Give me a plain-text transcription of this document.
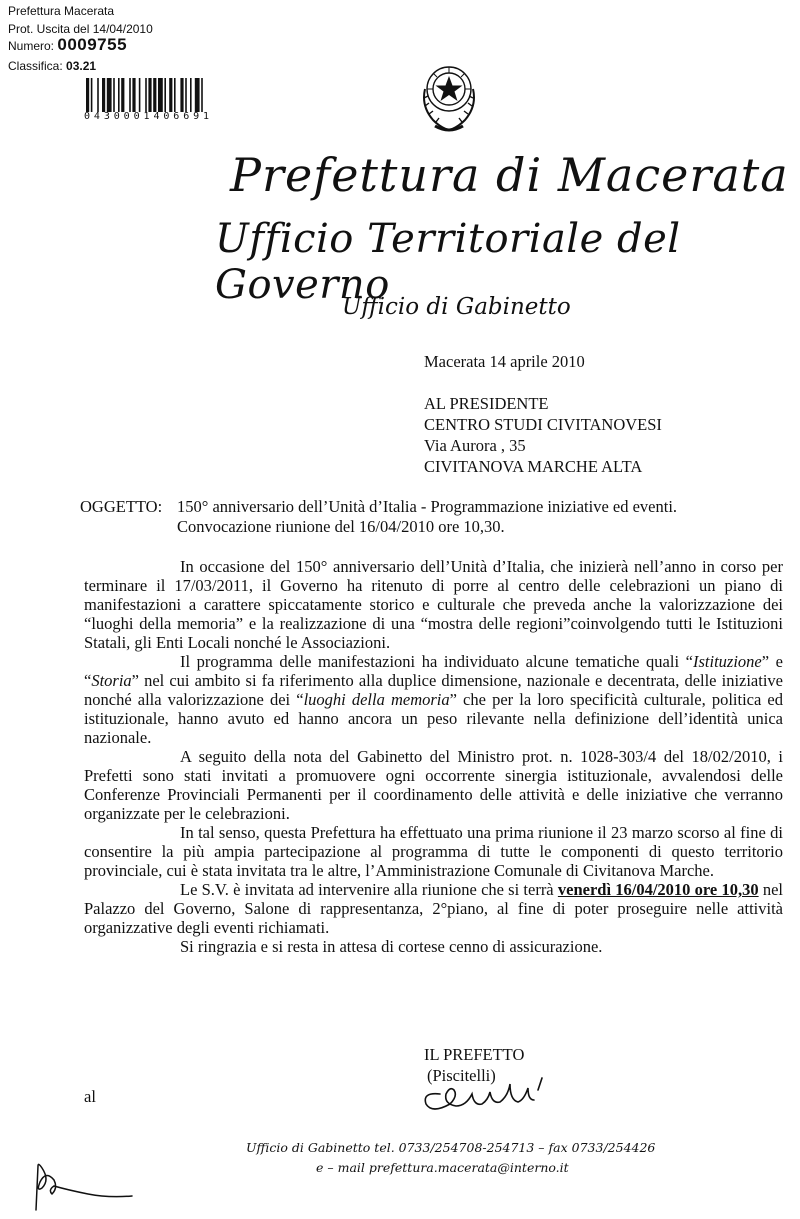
Prefettura Macerata
Prot. Uscita del 14/04/2010
Numero: 0009755
Classifica: 03.21
0430001406691
Prefettura di Macerata
Ufficio Territoriale del Governo
Ufficio di Gabinetto
Macerata 14 aprile 2010
AL PRESIDENTE
CENTRO STUDI CIVITANOVESI
Via Aurora , 35
CIVITANOVA MARCHE ALTA
OGGETTO: 150° anniversario dell’Unità d’Italia - Programmazione iniziative ed eventi.
Convocazione riunione del 16/04/2010 ore 10,30.

In occasione del 150° anniversario dell’Unità d’Italia, che inizierà nell’anno in corso per terminare il 17/03/2011, il Governo ha ritenuto di porre al centro delle celebrazioni un piano di manifestazioni a carattere spiccatamente storico e culturale che preveda anche la valorizzazione dei “luoghi della memoria” e la realizzazione di una “mostra delle regioni”coinvolgendo tutti le Istituzioni Statali, gli Enti Locali nonché le Associazioni.

Il programma delle manifestazioni ha individuato alcune tematiche quali “Istituzione” e “Storia” nel cui ambito si fa riferimento alla duplice dimensione, nazionale e decentrata, delle iniziative nonché alla valorizzazione dei “luoghi della memoria” che per la loro specificità culturale, politica ed istituzionale, hanno avuto ed hanno ancora un peso rilevante nella definizione dell’identità unica nazionale.

A seguito della nota del Gabinetto del Ministro prot. n. 1028-303/4 del 18/02/2010, i Prefetti sono stati invitati a promuovere ogni occorrente sinergia istituzionale, avvalendosi delle Conferenze Provinciali Permanenti per il coordinamento delle attività e delle iniziative che verranno organizzate per le celebrazioni.

In tal senso, questa Prefettura ha effettuato una prima riunione il 23 marzo scorso al fine di consentire la più ampia partecipazione al programma di tutte le componenti di questo territorio provinciale, cui è stata invitata tra le altre, l’Amministrazione Comunale di Civitanova Marche.

Le S.V. è invitata ad intervenire alla riunione che si terrà venerdì 16/04/2010 ore 10,30 nel Palazzo del Governo, Salone di rappresentanza, 2°piano, al fine di poter proseguire nelle attività organizzative degli eventi richiamati.

Si ringrazia e si resta in attesa di cortese cenno di assicurazione.

IL PREFETTO
(Piscitelli)
al
Ufficio di Gabinetto tel. 0733/254708-254713 – fax 0733/254426
e – mail prefettura.macerata@interno.it
